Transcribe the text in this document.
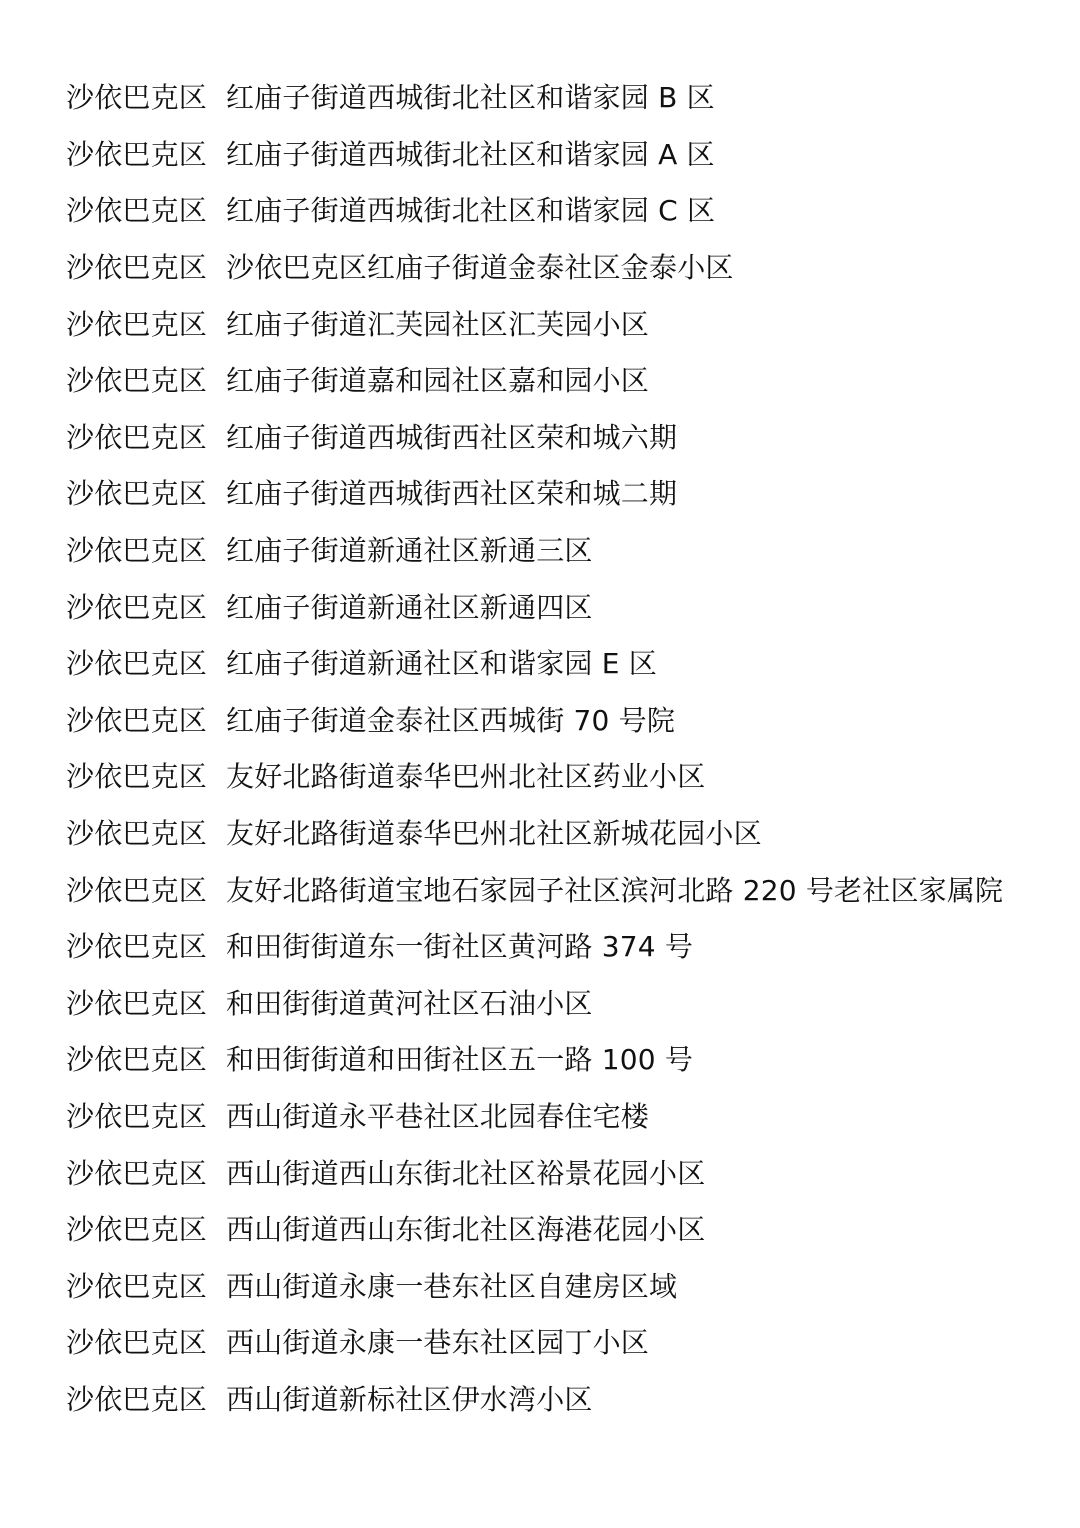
沙依巴克区 红庙子街道西城街北社区和谐家园 B 区
沙依巴克区 红庙子街道西城街北社区和谐家园 A 区
沙依巴克区 红庙子街道西城街北社区和谐家园 C 区
沙依巴克区 沙依巴克区红庙子街道金泰社区金泰小区
沙依巴克区 红庙子街道汇芙园社区汇芙园小区
沙依巴克区 红庙子街道嘉和园社区嘉和园小区
沙依巴克区 红庙子街道西城街西社区荣和城六期
沙依巴克区 红庙子街道西城街西社区荣和城二期
沙依巴克区 红庙子街道新通社区新通三区
沙依巴克区 红庙子街道新通社区新通四区
沙依巴克区 红庙子街道新通社区和谐家园 E 区
沙依巴克区 红庙子街道金泰社区西城街 70 号院
沙依巴克区 友好北路街道泰华巴州北社区药业小区
沙依巴克区 友好北路街道泰华巴州北社区新城花园小区
沙依巴克区 友好北路街道宝地石家园子社区滨河北路 220 号老社区家属院
沙依巴克区 和田街街道东一街社区黄河路 374 号
沙依巴克区 和田街街道黄河社区石油小区
沙依巴克区 和田街街道和田街社区五一路 100 号
沙依巴克区 西山街道永平巷社区北园春住宅楼
沙依巴克区 西山街道西山东街北社区裕景花园小区
沙依巴克区 西山街道西山东街北社区海港花园小区
沙依巴克区 西山街道永康一巷东社区自建房区域
沙依巴克区 西山街道永康一巷东社区园丁小区
沙依巴克区 西山街道新标社区伊水湾小区
